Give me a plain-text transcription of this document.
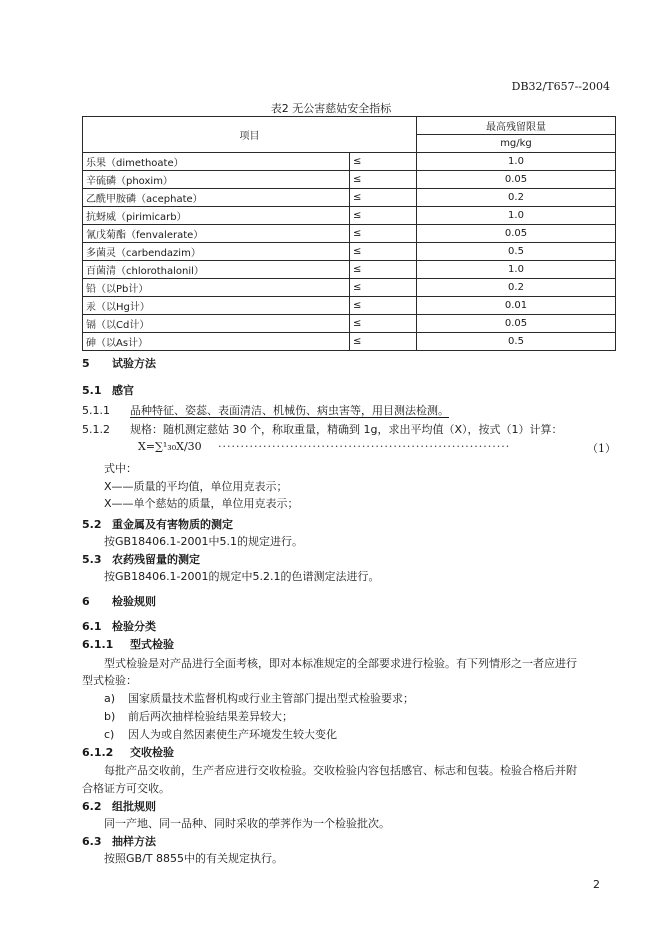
DB32/T657--2004
表2 无公害慈姑安全指标
项目		最高残留限量
		mg/kg
乐果（dimethoate）	≤	1.0
辛硫磷（phoxim）	≤	0.05
乙酰甲胺磷（acephate）	≤	0.2
抗蚜威（pirimicarb）	≤	1.0
氰戊菊酯（fenvalerate）	≤	0.05
多菌灵（carbendazim）	≤	0.5
百菌清（chlorothalonil）	≤	1.0
铅（以Pb计）	≤	0.2
汞（以Hg计）	≤	0.01
镉（以Cd计）	≤	0.05
砷（以As计）	≤	0.5
5 试验方法
5.1 感官
5.1.1 品种特征、姿蕊、表面清洁、机械伤、病虫害等，用目测法检测。
5.1.2 规格：随机测定慈姑 30 个，称取重量，精确到 1g，求出平均值（X），按式（1）计算：
X=∑¹₃₀X/30 ·································································	（1）
式中：
X——质量的平均值，单位用克表示；
X——单个慈姑的质量，单位用克表示；
5.2 重金属及有害物质的测定
按GB18406.1-2001中5.1的规定进行。
5.3 农药残留量的测定
按GB18406.1-2001的规定中5.2.1的色谱测定法进行。
6 检验规则
6.1 检验分类
6.1.1 型式检验
型式检验是对产品进行全面考核，即对本标准规定的全部要求进行检验。有下列情形之一者应进行
型式检验：
a) 国家质量技术监督机构或行业主管部门提出型式检验要求；
b) 前后两次抽样检验结果差异较大；
c) 因人为或自然因素使生产环境发生较大变化
6.1.2 交收检验
每批产品交收前，生产者应进行交收检验。交收检验内容包括感官、标志和包装。检验合格后并附
合格证方可交收。
6.2 组批规则
同一产地、同一品种、同时采收的荸荠作为一个检验批次。
6.3 抽样方法
按照GB/T 8855中的有关规定执行。
2
